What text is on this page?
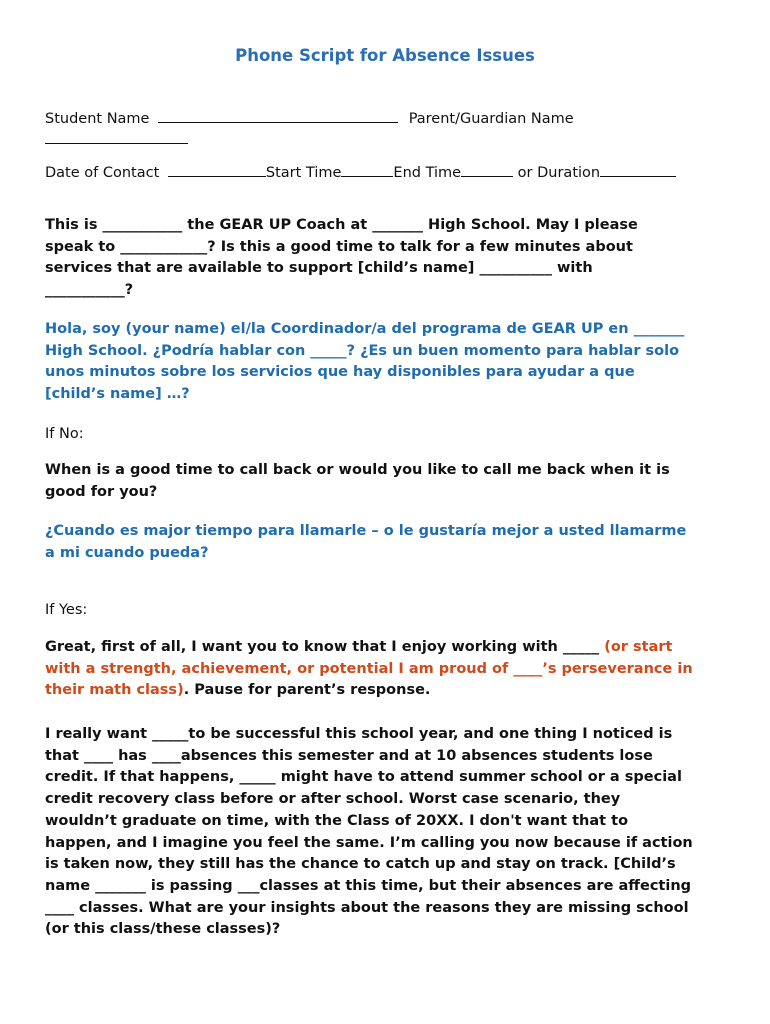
Phone Script for Absence Issues
Student Name	Parent/Guardian Name
Date of Contact	Start Time	End Time	or Duration
This is ___________ the GEAR UP Coach at _______ High School. May I please
speak to ____________? Is this a good time to talk for a few minutes about
services that are available to support [child’s name] __________ with
___________?
Hola, soy (your name) el/la Coordinador/a del programa de GEAR UP en _______
High School. ¿Podría hablar con _____? ¿Es un buen momento para hablar solo
unos minutos sobre los servicios que hay disponibles para ayudar a que
[child’s name] …?
If No:
When is a good time to call back or would you like to call me back when it is
good for you?
¿Cuando es major tiempo para llamarle – o le gustaría mejor a usted llamarme
a mi cuando pueda?
If Yes:
Great, first of all, I want you to know that I enjoy working with _____ (or start
with a strength, achievement, or potential I am proud of ____’s perseverance in
their math class). Pause for parent’s response.
I really want _____to be successful this school year, and one thing I noticed is
that ____ has ____absences this semester and at 10 absences students lose
credit. If that happens, _____ might have to attend summer school or a special
credit recovery class before or after school. Worst case scenario, they
wouldn’t graduate on time, with the Class of 20XX. I don't want that to
happen, and I imagine you feel the same. I’m calling you now because if action
is taken now, they still has the chance to catch up and stay on track. [Child’s
name _______ is passing ___classes at this time, but their absences are affecting
____ classes. What are your insights about the reasons they are missing school
(or this class/these classes)?
